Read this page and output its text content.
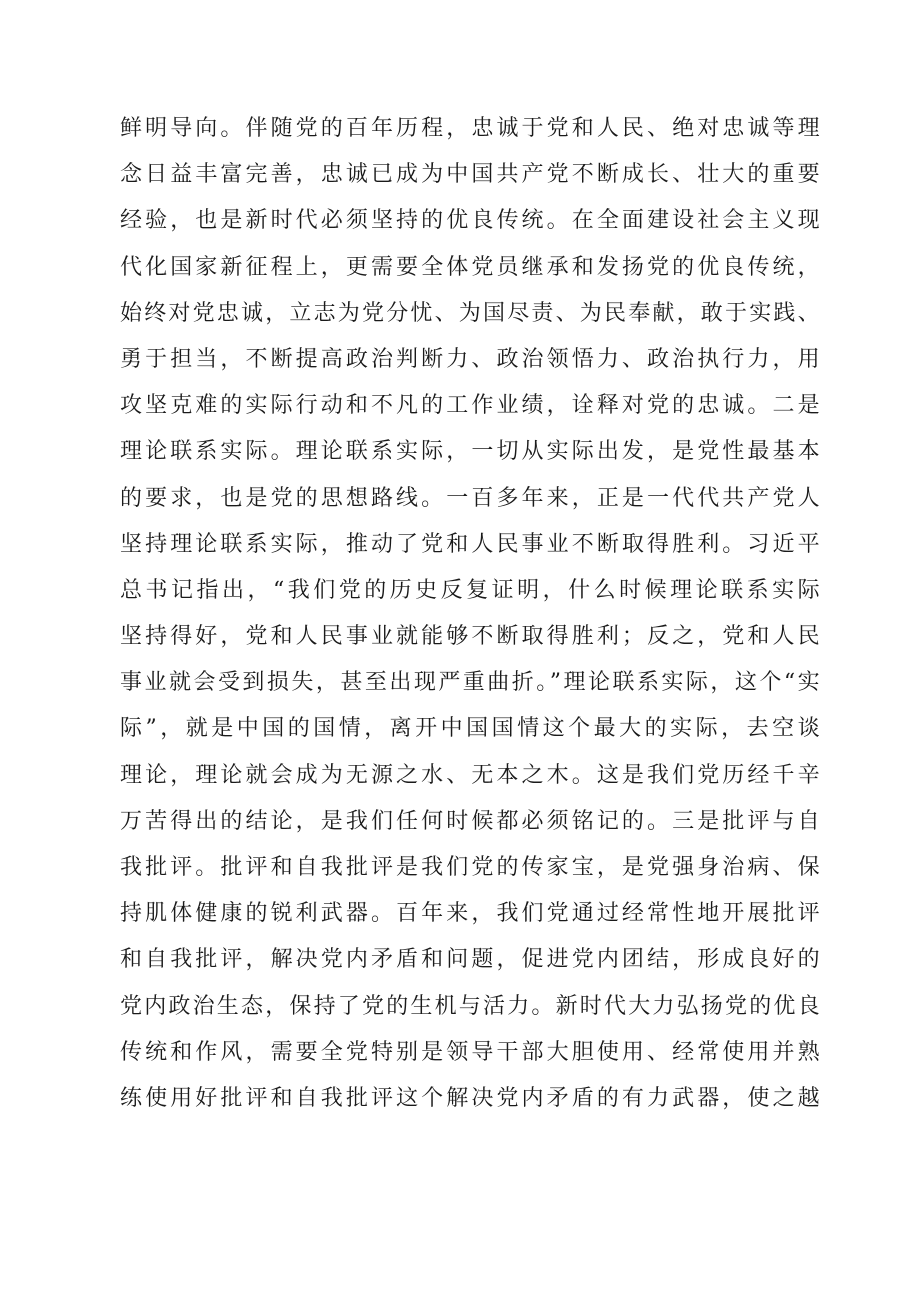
鲜明导向。伴随党的百年历程，忠诚于党和人民、绝对忠诚等理
念日益丰富完善，忠诚已成为中国共产党不断成长、壮大的重要
经验，也是新时代必须坚持的优良传统。在全面建设社会主义现
代化国家新征程上，更需要全体党员继承和发扬党的优良传统，
始终对党忠诚，立志为党分忧、为国尽责、为民奉献，敢于实践、
勇于担当，不断提高政治判断力、政治领悟力、政治执行力，用
攻坚克难的实际行动和不凡的工作业绩，诠释对党的忠诚。二是
理论联系实际。理论联系实际，一切从实际出发，是党性最基本
的要求，也是党的思想路线。一百多年来，正是一代代共产党人
坚持理论联系实际，推动了党和人民事业不断取得胜利。习近平
总书记指出，“我们党的历史反复证明，什么时候理论联系实际
坚持得好，党和人民事业就能够不断取得胜利；反之，党和人民
事业就会受到损失，甚至出现严重曲折。”理论联系实际，这个“实
际”，就是中国的国情，离开中国国情这个最大的实际，去空谈
理论，理论就会成为无源之水、无本之木。这是我们党历经千辛
万苦得出的结论，是我们任何时候都必须铭记的。三是批评与自
我批评。批评和自我批评是我们党的传家宝，是党强身治病、保
持肌体健康的锐利武器。百年来，我们党通过经常性地开展批评
和自我批评，解决党内矛盾和问题，促进党内团结，形成良好的
党内政治生态，保持了党的生机与活力。新时代大力弘扬党的优良
传统和作风，需要全党特别是领导干部大胆使用、经常使用并熟
练使用好批评和自我批评这个解决党内矛盾的有力武器，使之越
